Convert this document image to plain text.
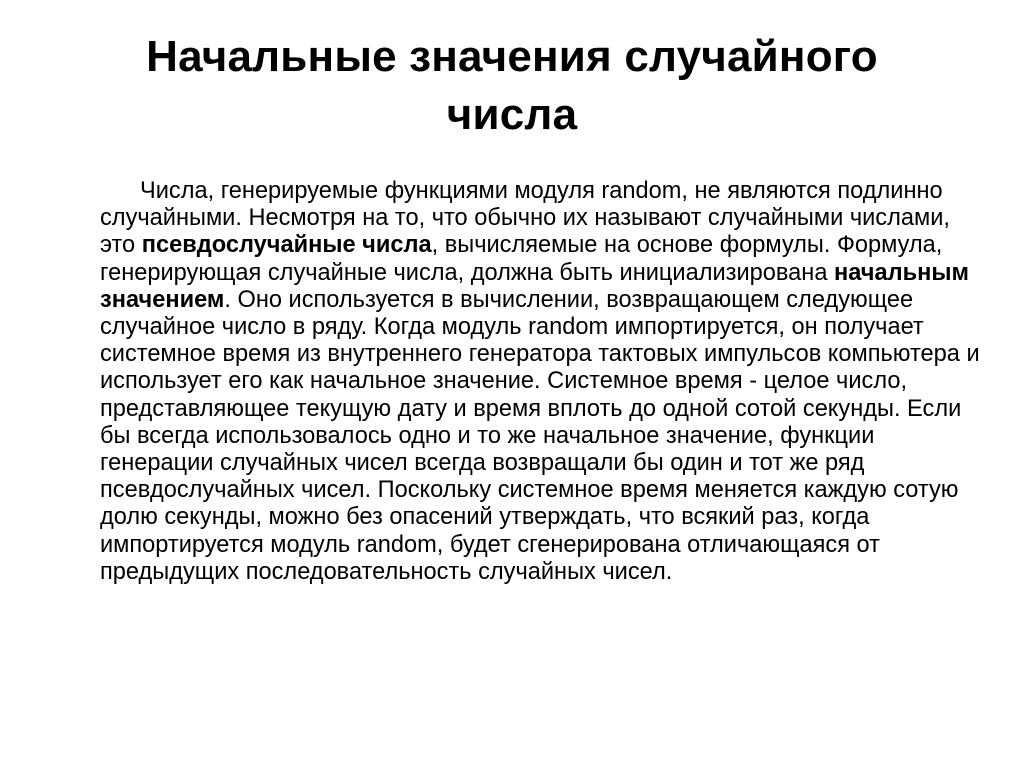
Начальные значения случайного числа

Числа, генерируемые функциями модуля random, не являются подлинно случайными. Несмотря на то, что обычно их называют случайными числами, это псевдослучайные числа, вычисляемые на основе формулы. Формула, генерирующая случайные числа, должна быть инициализирована начальным значением. Оно используется в вычислении, возвращающем следующее случайное число в ряду. Когда модуль random импортируется, он получает системное время из внутреннего генератора тактовых импульсов компьютера и использует его как начальное значение. Системное время - целое число, представляющее текущую дату и время вплоть до одной сотой секунды. Если бы всегда использовалось одно и то же начальное значение, функции генерации случайных чисел всегда возвращали бы один и тот же ряд псевдослучайных чисел. Поскольку системное время меняется каждую сотую долю секунды, можно без опасений утверждать, что всякий раз, когда импортируется модуль random, будет сгенерирована отличающаяся от предыдущих последовательность случайных чисел.
